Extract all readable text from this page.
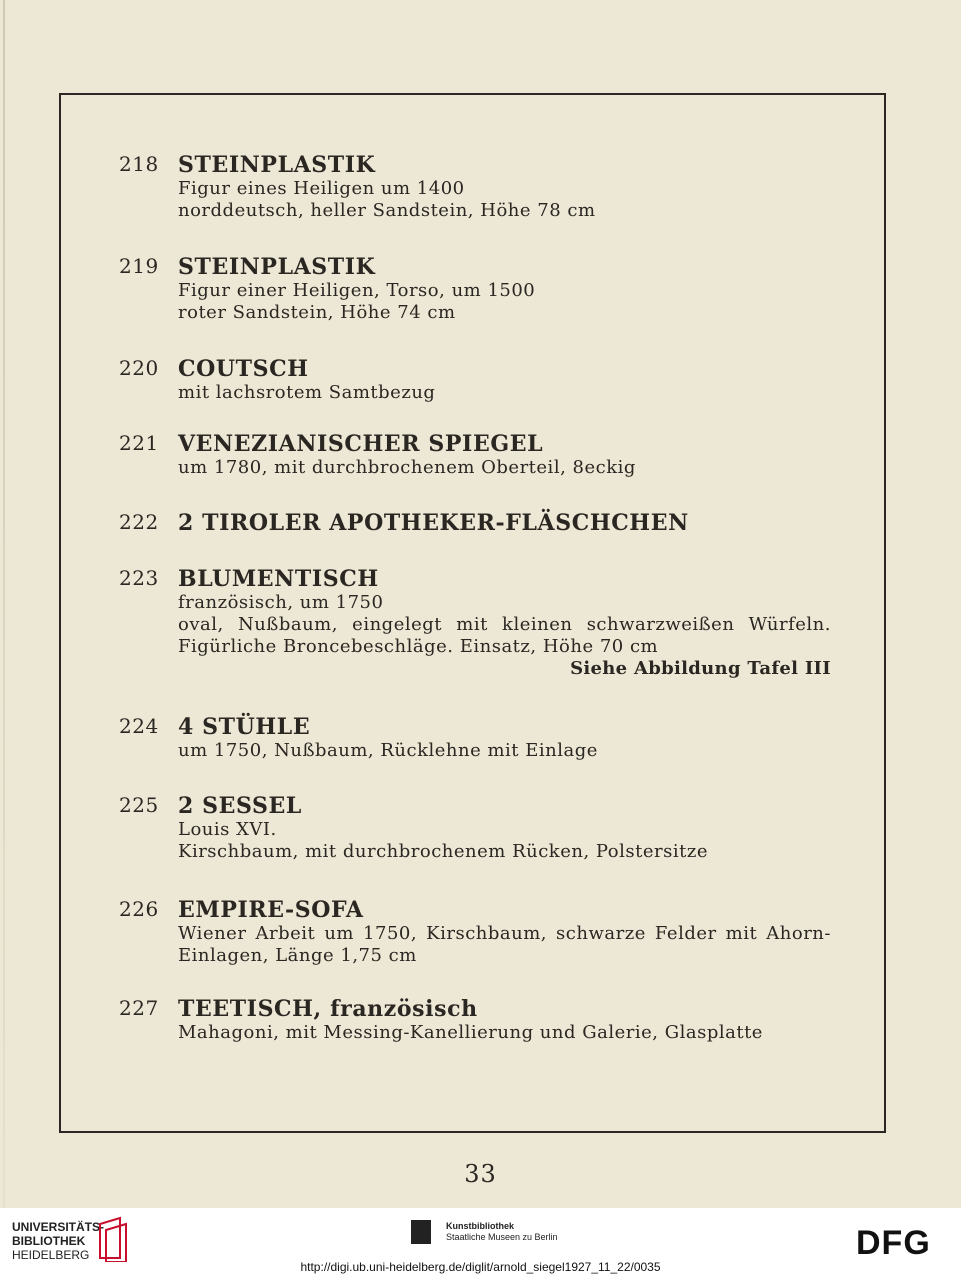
218 STEINPLASTIK
Figur eines Heiligen um 1400
norddeutsch, heller Sandstein, Höhe 78 cm
219 STEINPLASTIK
Figur einer Heiligen, Torso, um 1500
roter Sandstein, Höhe 74 cm
220 COUTSCH
mit lachsrotem Samtbezug
221 VENEZIANISCHER SPIEGEL
um 1780, mit durchbrochenem Oberteil, 8eckig
222 2 TIROLER APOTHEKER-FLÄSCHCHEN
223 BLUMENTISCH
französisch, um 1750
oval, Nußbaum, eingelegt mit kleinen schwarzweißen Würfeln.
Figürliche Broncebeschläge. Einsatz, Höhe 70 cm
Siehe Abbildung Tafel III
224 4 STÜHLE
um 1750, Nußbaum, Rücklehne mit Einlage
225 2 SESSEL
Louis XVI.
Kirschbaum, mit durchbrochenem Rücken, Polstersitze
226 EMPIRE-SOFA
Wiener Arbeit um 1750, Kirschbaum, schwarze Felder mit Ahorn-
Einlagen, Länge 1,75 cm
227 TEETISCH, französisch
Mahagoni, mit Messing-Kanellierung und Galerie, Glasplatte
33
UNIVERSITÄTS-
BIBLIOTHEK
HEIDELBERG
Kunstbibliothek
Staatliche Museen zu Berlin	DFG
http://digi.ub.uni-heidelberg.de/diglit/arnold_siegel1927_11_22/0035
